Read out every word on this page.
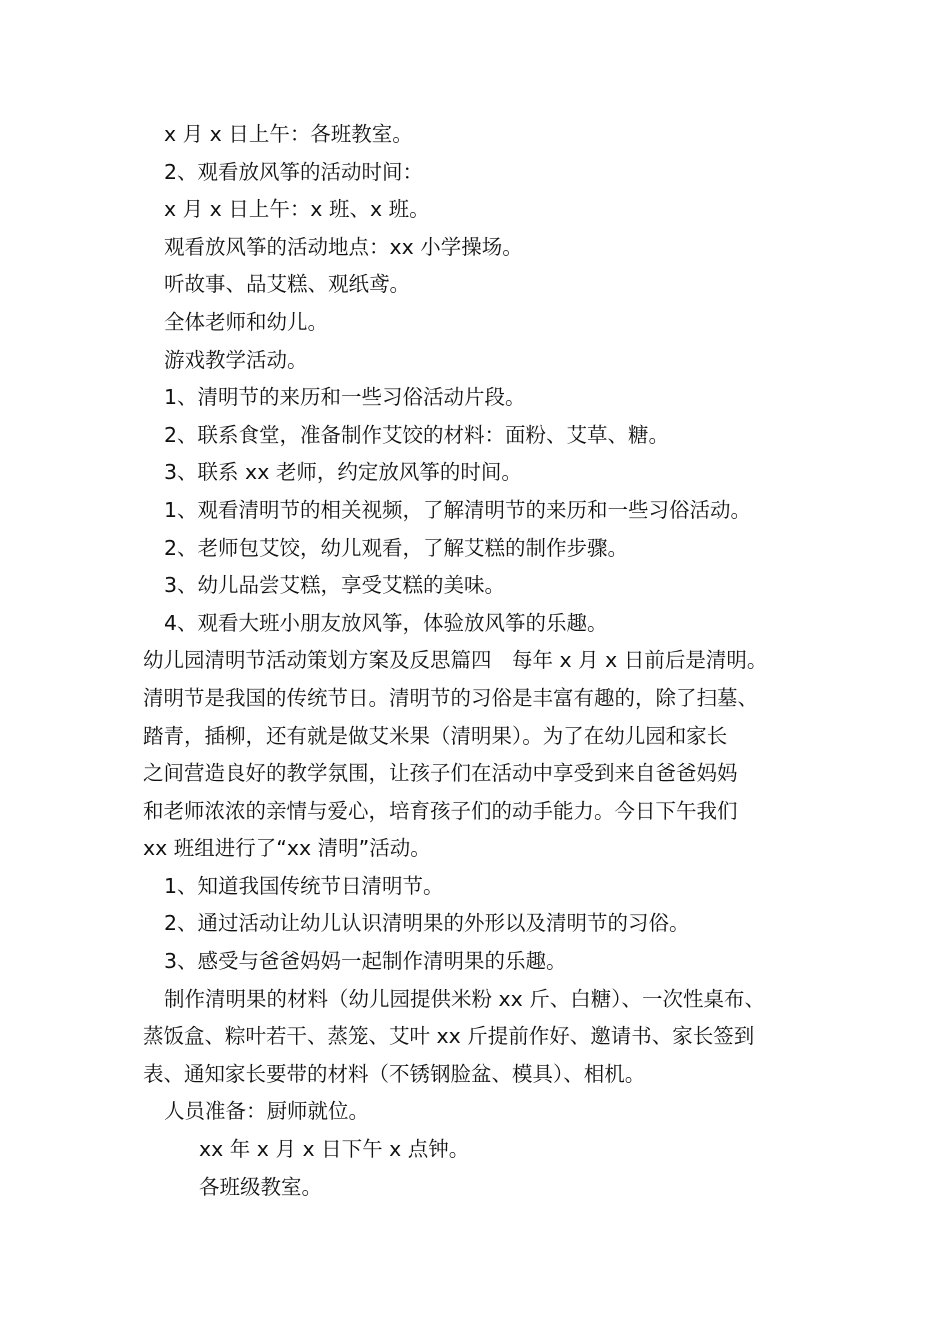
x 月 x 日上午：各班教室。
2、观看放风筝的活动时间：
x 月 x 日上午：x 班、x 班。
观看放风筝的活动地点：xx 小学操场。
听故事、品艾糕、观纸鸢。
全体老师和幼儿。
游戏教学活动。
1、清明节的来历和一些习俗活动片段。
2、联系食堂，准备制作艾饺的材料：面粉、艾草、糖。
3、联系 xx 老师，约定放风筝的时间。
1、观看清明节的相关视频，了解清明节的来历和一些习俗活动。
2、老师包艾饺，幼儿观看，了解艾糕的制作步骤。
3、幼儿品尝艾糕，享受艾糕的美味。
4、观看大班小朋友放风筝，体验放风筝的乐趣。
幼儿园清明节活动策划方案及反思篇四　每年 x 月 x 日前后是清明。
清明节是我国的传统节日。清明节的习俗是丰富有趣的，除了扫墓、
踏青，插柳，还有就是做艾米果（清明果）。为了在幼儿园和家长
之间营造良好的教学氛围，让孩子们在活动中享受到来自爸爸妈妈
和老师浓浓的亲情与爱心，培育孩子们的动手能力。今日下午我们
xx 班组进行了“xx 清明”活动。
1、知道我国传统节日清明节。
2、通过活动让幼儿认识清明果的外形以及清明节的习俗。
3、感受与爸爸妈妈一起制作清明果的乐趣。
制作清明果的材料（幼儿园提供米粉 xx 斤、白糖）、一次性桌布、
蒸饭盒、粽叶若干、蒸笼、艾叶 xx 斤提前作好、邀请书、家长签到
表、通知家长要带的材料（不锈钢脸盆、模具）、相机。
人员准备：厨师就位。
xx 年 x 月 x 日下午 x 点钟。
各班级教室。
